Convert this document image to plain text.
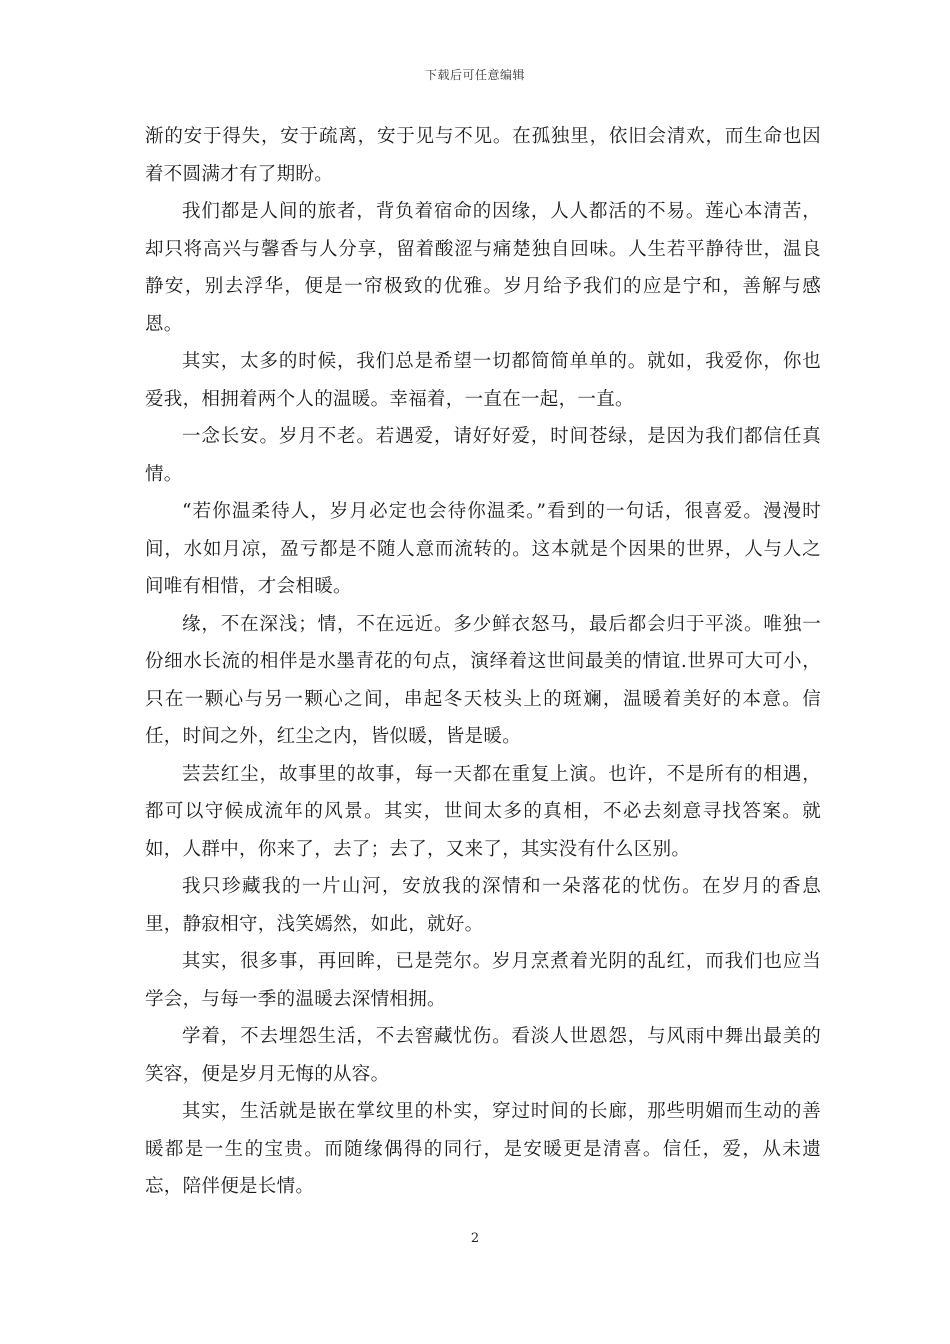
下载后可任意编辑

渐的安于得失，安于疏离，安于见与不见。在孤独里，依旧会清欢，而生命也因着不圆满才有了期盼。

我们都是人间的旅者，背负着宿命的因缘，人人都活的不易。莲心本清苦，却只将高兴与馨香与人分享，留着酸涩与痛楚独自回味。人生若平静待世，温良静安，别去浮华，便是一帘极致的优雅。岁月给予我们的应是宁和，善解与感恩。

其实，太多的时候，我们总是希望一切都简简单单的。就如，我爱你，你也爱我，相拥着两个人的温暖。幸福着，一直在一起，一直。

一念长安。岁月不老。若遇爱，请好好爱，时间苍绿，是因为我们都信任真情。

“若你温柔待人，岁月必定也会待你温柔。”看到的一句话，很喜爱。漫漫时间，水如月凉，盈亏都是不随人意而流转的。这本就是个因果的世界，人与人之间唯有相惜，才会相暖。

缘，不在深浅；情，不在远近。多少鲜衣怒马，最后都会归于平淡。唯独一份细水长流的相伴是水墨青花的句点，演绎着这世间最美的情谊.世界可大可小，只在一颗心与另一颗心之间，串起冬天枝头上的斑斓，温暖着美好的本意。信任，时间之外，红尘之内，皆似暖，皆是暖。

芸芸红尘，故事里的故事，每一天都在重复上演。也许，不是所有的相遇，都可以守候成流年的风景。其实，世间太多的真相，不必去刻意寻找答案。就如，人群中，你来了，去了；去了，又来了，其实没有什么区别。

我只珍藏我的一片山河，安放我的深情和一朵落花的忧伤。在岁月的香息里，静寂相守，浅笑嫣然，如此，就好。

其实，很多事，再回眸，已是莞尔。岁月烹煮着光阴的乱红，而我们也应当学会，与每一季的温暖去深情相拥。

学着，不去埋怨生活，不去窖藏忧伤。看淡人世恩怨，与风雨中舞出最美的笑容，便是岁月无悔的从容。

其实，生活就是嵌在掌纹里的朴实，穿过时间的长廊，那些明媚而生动的善暖都是一生的宝贵。而随缘偶得的同行，是安暖更是清喜。信任，爱，从未遗忘，陪伴便是长情。

2
